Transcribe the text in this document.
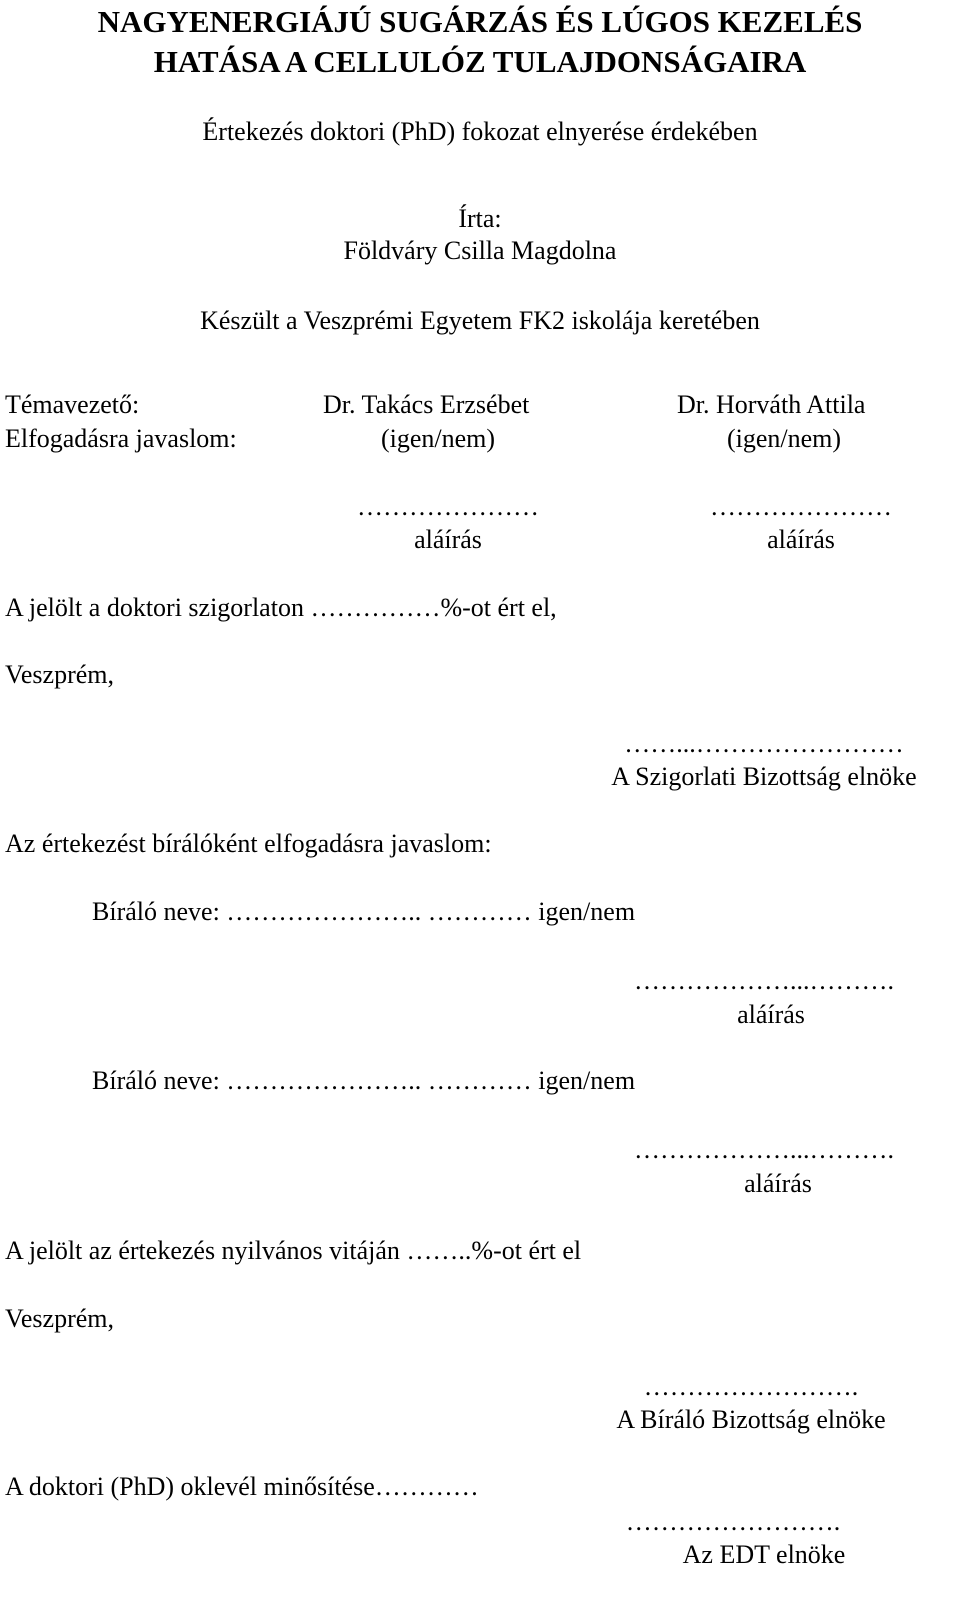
NAGYENERGIÁJÚ SUGÁRZÁS ÉS LÚGOS KEZELÉS
HATÁSA A CELLULÓZ TULAJDONSÁGAIRA
Értekezés doktori (PhD) fokozat elnyerése érdekében
Írta:
Földváry Csilla Magdolna
Készült a Veszprémi Egyetem FK2 iskolája keretében
Témavezető:	Dr. Takács Erzsébet	Dr. Horváth Attila
Elfogadásra javaslom:	(igen/nem)	(igen/nem)
…………………
aláírás
…………………
aláírás
A jelölt a doktori szigorlaton ……………%-ot ért el,
Veszprém,
……...……………………
A Szigorlati Bizottság elnöke
Az értekezést bírálóként elfogadásra javaslom:
Bíráló neve: ………………….. ………… igen/nem
………………...……….
aláírás
Bíráló neve: ………………….. ………… igen/nem
………………...……….
aláírás
A jelölt az értekezés nyilvános vitáján ……..%-ot ért el
Veszprém,
…………………….
A Bíráló Bizottság elnöke
A doktori (PhD) oklevél minősítése…………
…………………….
Az EDT elnöke
